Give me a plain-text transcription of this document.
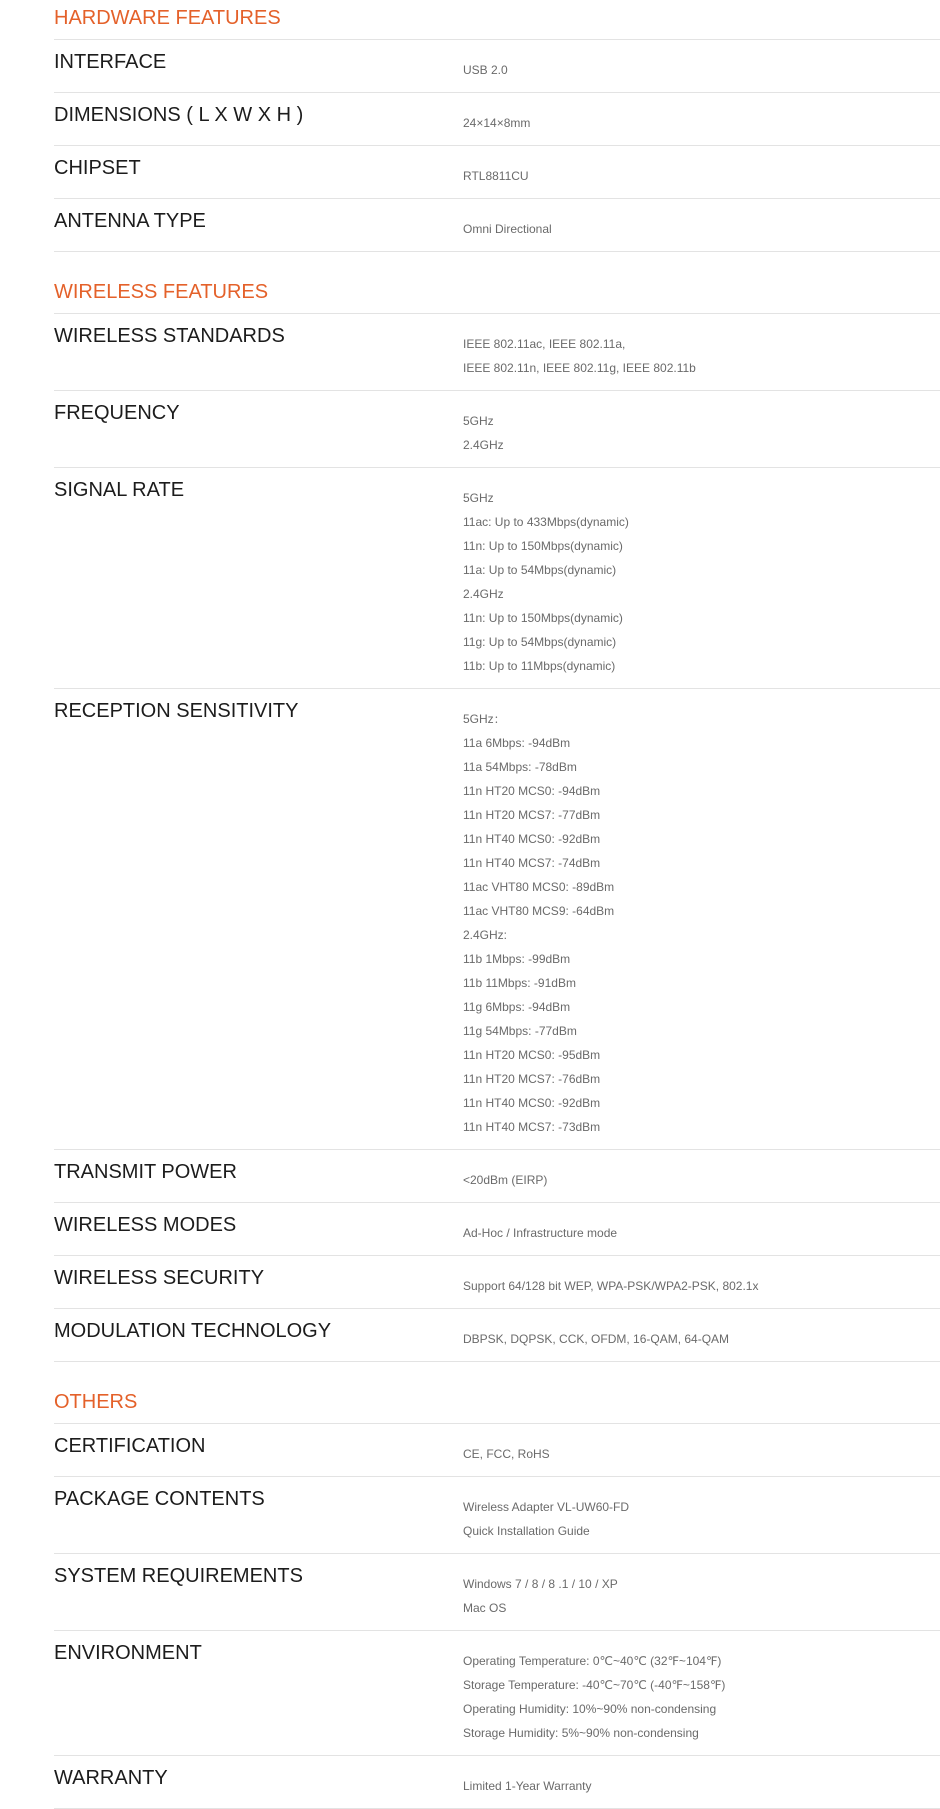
HARDWARE FEATURES
INTERFACE	USB 2.0
DIMENSIONS ( L X W X H )	24×14×8mm
CHIPSET	RTL8811CU
ANTENNA TYPE	Omni Directional
WIRELESS FEATURES
WIRELESS STANDARDS	IEEE 802.11ac, IEEE 802.11a,
IEEE 802.11n, IEEE 802.11g, IEEE 802.11b
FREQUENCY	5GHz
2.4GHz
SIGNAL RATE	5GHz
11ac: Up to 433Mbps(dynamic)
11n: Up to 150Mbps(dynamic)
11a: Up to 54Mbps(dynamic)
2.4GHz
11n: Up to 150Mbps(dynamic)
11g: Up to 54Mbps(dynamic)
11b: Up to 11Mbps(dynamic)
RECEPTION SENSITIVITY	5GHz：
11a 6Mbps: -94dBm
11a 54Mbps: -78dBm
11n HT20 MCS0: -94dBm
11n HT20 MCS7: -77dBm
11n HT40 MCS0: -92dBm
11n HT40 MCS7: -74dBm
11ac VHT80 MCS0: -89dBm
11ac VHT80 MCS9: -64dBm
2.4GHz:
11b 1Mbps: -99dBm
11b 11Mbps: -91dBm
11g 6Mbps: -94dBm
11g 54Mbps: -77dBm
11n HT20 MCS0: -95dBm
11n HT20 MCS7: -76dBm
11n HT40 MCS0: -92dBm
11n HT40 MCS7: -73dBm
TRANSMIT POWER	<20dBm (EIRP)
WIRELESS MODES	Ad-Hoc / Infrastructure mode
WIRELESS SECURITY	Support 64/128 bit WEP, WPA-PSK/WPA2-PSK, 802.1x
MODULATION TECHNOLOGY	DBPSK, DQPSK, CCK, OFDM, 16-QAM, 64-QAM
OTHERS
CERTIFICATION	CE, FCC, RoHS
PACKAGE CONTENTS	Wireless Adapter VL-UW60-FD
Quick Installation Guide
SYSTEM REQUIREMENTS	Windows 7 / 8 / 8 .1 / 10 / XP
Mac OS
ENVIRONMENT	Operating Temperature: 0℃~40℃ (32℉~104℉)
Storage Temperature: -40℃~70℃ (-40℉~158℉)
Operating Humidity: 10%~90% non-condensing
Storage Humidity: 5%~90% non-condensing
WARRANTY	Limited 1-Year Warranty
